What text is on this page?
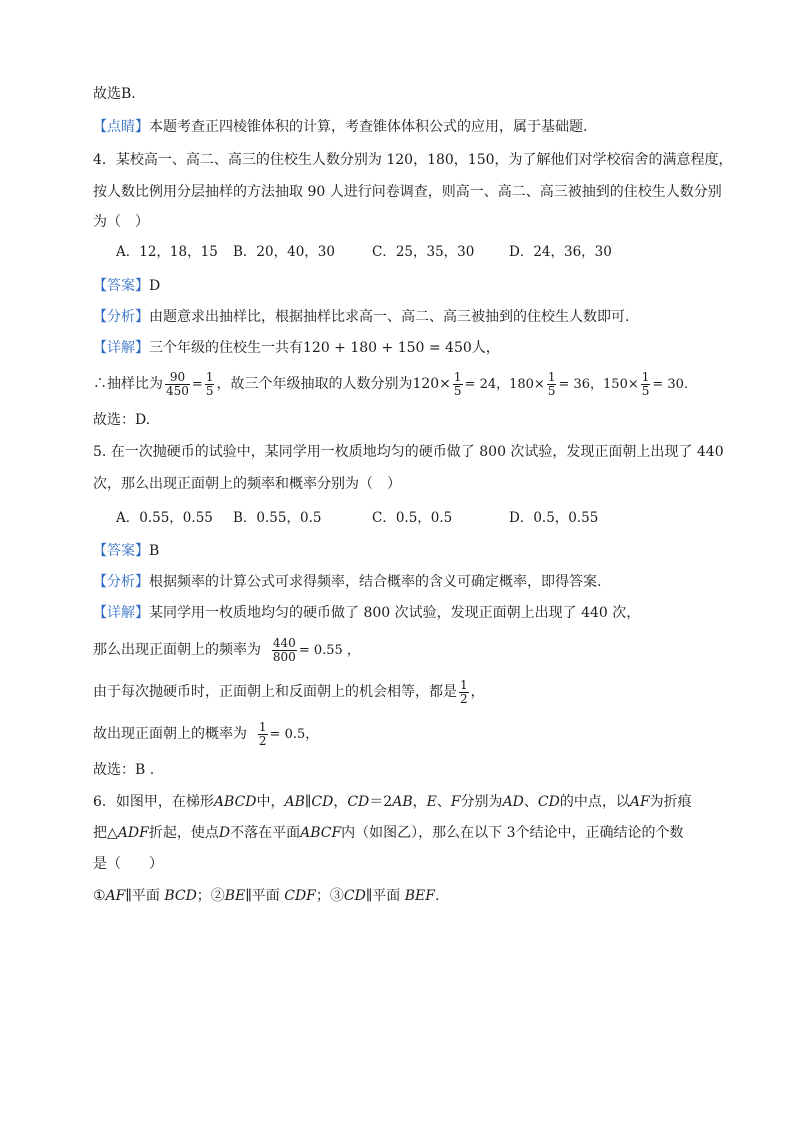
故选B.
【点睛】本题考查正四棱锥体积的计算，考查锥体体积公式的应用，属于基础题.
4．某校高一、高二、高三的住校生人数分别为 120，180，150，为了解他们对学校宿舍的满意程度，
按人数比例用分层抽样的方法抽取 90 人进行问卷调查，则高一、高二、高三被抽到的住校生人数分别
为（　）
A．12，18，15 B．20，40，30	C．25，35，30	D．24，36，30
【答案】D
【分析】由题意求出抽样比，根据抽样比求高一、高二、高三被抽到的住校生人数即可.
【详解】三个年级的住校生一共有120 + 180 + 150 = 450人，
∴抽样比为 $\frac{90}{450} = \frac{1}{5}$ ，故三个年级抽取的人数分别为$120\times \frac{1}{5} = 24$，$180\times \frac{1}{5} = 36$，$150\times \frac{1}{5} = 30$.
故选：D.
5. 在一次抛硬币的试验中，某同学用一枚质地均匀的硬币做了 800 次试验，发现正面朝上出现了 440
次，那么出现正面朝上的频率和概率分别为（　）
A．0.55，0.55 B．0.55，0.5	C．0.5，0.5	D．0.5，0.55
【答案】B
【分析】根据频率的计算公式可求得频率，结合概率的含义可确定概率，即得答案.
【详解】某同学用一枚质地均匀的硬币做了 800 次试验，发现正面朝上出现了 440 次，
那么出现正面朝上的频率为 $\frac{440}{800} = 0.55$ ，
由于每次抛硬币时，正面朝上和反面朝上的机会相等，都是 $\frac{1}{2}$ ，
故出现正面朝上的概率为 $\frac{1}{2} = 0.5$，
故选：B .
6．如图甲，在梯形ABCD中，AB∥CD，CD＝2AB，E、F分别为AD、CD的中点，以AF为折痕
把△ADF折起，使点D不落在平面ABCF内（如图乙），那么在以下 3个结论中，正确结论的个数
是（　　）
①AF∥平面 BCD；②BE∥平面 CDF；③CD∥平面 BEF.
